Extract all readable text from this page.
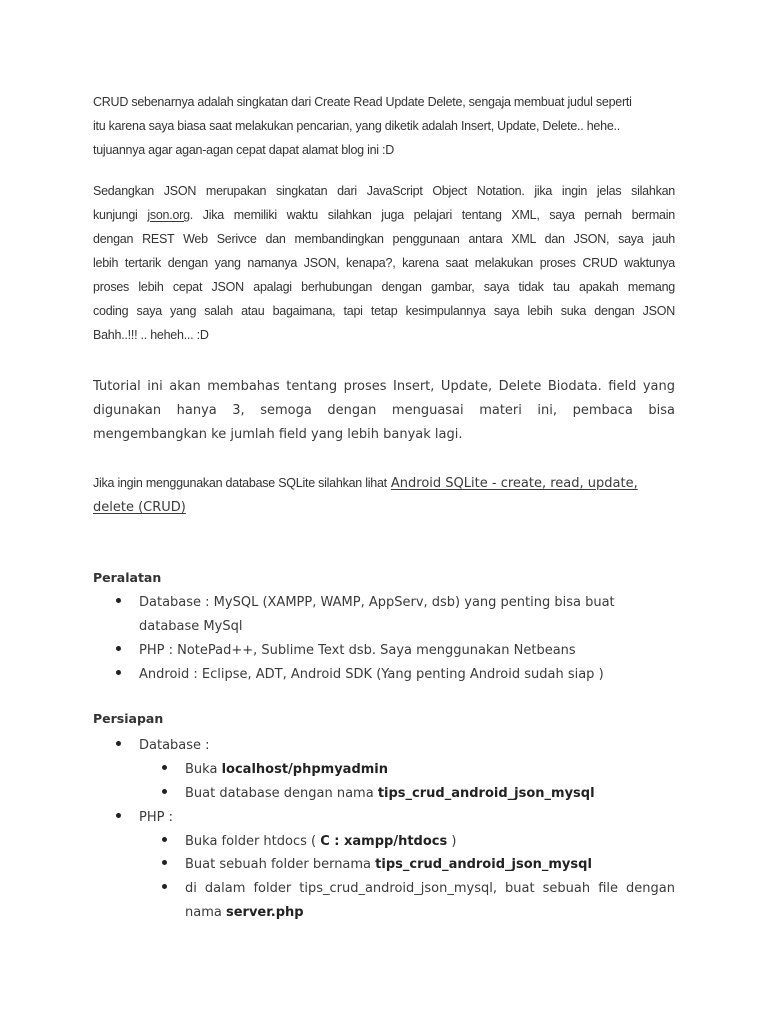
CRUD sebenarnya adalah singkatan dari Create Read Update Delete, sengaja membuat judul seperti
itu karena saya biasa saat melakukan pencarian, yang diketik adalah Insert, Update, Delete.. hehe..
tujuannya agar agan-agan cepat dapat alamat blog ini :D
Sedangkan JSON merupakan singkatan dari JavaScript Object Notation. jika ingin jelas silahkan
kunjungi json.org. Jika memiliki waktu silahkan juga pelajari tentang XML, saya pernah bermain
dengan REST Web Serivce dan membandingkan penggunaan antara XML dan JSON, saya jauh
lebih tertarik dengan yang namanya JSON, kenapa?, karena saat melakukan proses CRUD waktunya
proses lebih cepat JSON apalagi berhubungan dengan gambar, saya tidak tau apakah memang
coding saya yang salah atau bagaimana, tapi tetap kesimpulannya saya lebih suka dengan JSON
Bahh..!!! .. heheh... :D
Tutorial ini akan membahas tentang proses Insert, Update, Delete Biodata. field yang
digunakan hanya 3, semoga dengan menguasai materi ini, pembaca bisa
mengembangkan ke jumlah field yang lebih banyak lagi.
Jika ingin menggunakan database SQLite silahkan lihat Android SQLite - create, read, update,
delete (CRUD)
Peralatan
Database : MySQL (XAMPP, WAMP, AppServ, dsb) yang penting bisa buat
database MySql
PHP : NotePad++, Sublime Text dsb. Saya menggunakan Netbeans
Android : Eclipse, ADT, Android SDK (Yang penting Android sudah siap )
Persiapan
Database :
Buka localhost/phpmyadmin
Buat database dengan nama tips_crud_android_json_mysql
PHP :
Buka folder htdocs ( C : xampp/htdocs )
Buat sebuah folder bernama tips_crud_android_json_mysql
di dalam folder tips_crud_android_json_mysql, buat sebuah file dengan
nama server.php
